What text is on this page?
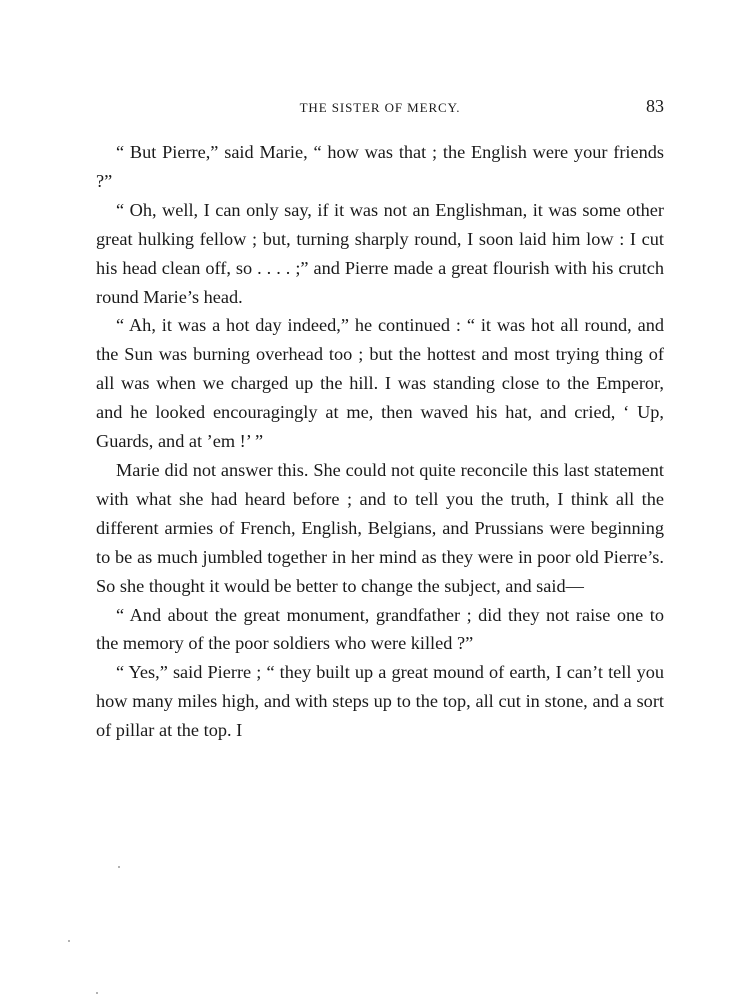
THE SISTER OF MERCY.	83

“ But Pierre,” said Marie, “ how was that ; the English were your friends ?”

“ Oh, well, I can only say, if it was not an Englishman, it was some other great hulking fellow ; but, turning sharply round, I soon laid him low : I cut his head clean off, so . . . . ;” and Pierre made a great flourish with his crutch round Marie’s head.

“ Ah, it was a hot day indeed,” he continued : “ it was hot all round, and the Sun was burning overhead too ; but the hottest and most trying thing of all was when we charged up the hill. I was standing close to the Emperor, and he looked encouragingly at me, then waved his hat, and cried, ‘ Up, Guards, and at ’em !’ ”

Marie did not answer this. She could not quite reconcile this last statement with what she had heard before ; and to tell you the truth, I think all the different armies of French, English, Belgians, and Prussians were beginning to be as much jumbled together in her mind as they were in poor old Pierre’s. So she thought it would be better to change the subject, and said—

“ And about the great monument, grandfather ; did they not raise one to the memory of the poor soldiers who were killed ?”

“ Yes,” said Pierre ; “ they built up a great mound of earth, I can’t tell you how many miles high, and with steps up to the top, all cut in stone, and a sort of pillar at the top. I
